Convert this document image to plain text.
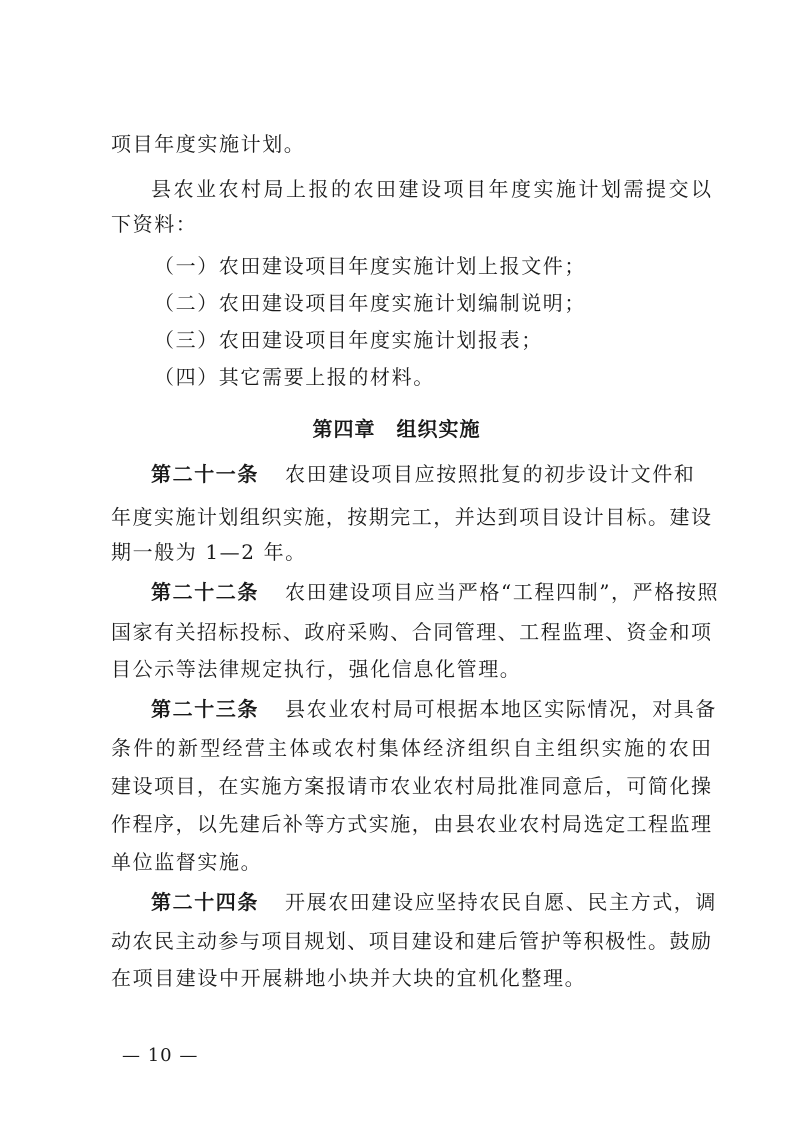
项目年度实施计划。
县农业农村局上报的农田建设项目年度实施计划需提交以
下资料：
（一）农田建设项目年度实施计划上报文件；
（二）农田建设项目年度实施计划编制说明；
（三）农田建设项目年度实施计划报表；
（四）其它需要上报的材料。
第四章　组织实施
第二十一条 农田建设项目应按照批复的初步设计文件和
年度实施计划组织实施，按期完工，并达到项目设计目标。建设
期一般为 1—2 年。
第二十二条 农田建设项目应当严格“工程四制”，严格按照
国家有关招标投标、政府采购、合同管理、工程监理、资金和项
目公示等法律规定执行，强化信息化管理。
第二十三条 县农业农村局可根据本地区实际情况，对具备
条件的新型经营主体或农村集体经济组织自主组织实施的农田
建设项目，在实施方案报请市农业农村局批准同意后，可简化操
作程序，以先建后补等方式实施，由县农业农村局选定工程监理
单位监督实施。
第二十四条 开展农田建设应坚持农民自愿、民主方式，调
动农民主动参与项目规划、项目建设和建后管护等积极性。鼓励
在项目建设中开展耕地小块并大块的宜机化整理。
— 10 —
